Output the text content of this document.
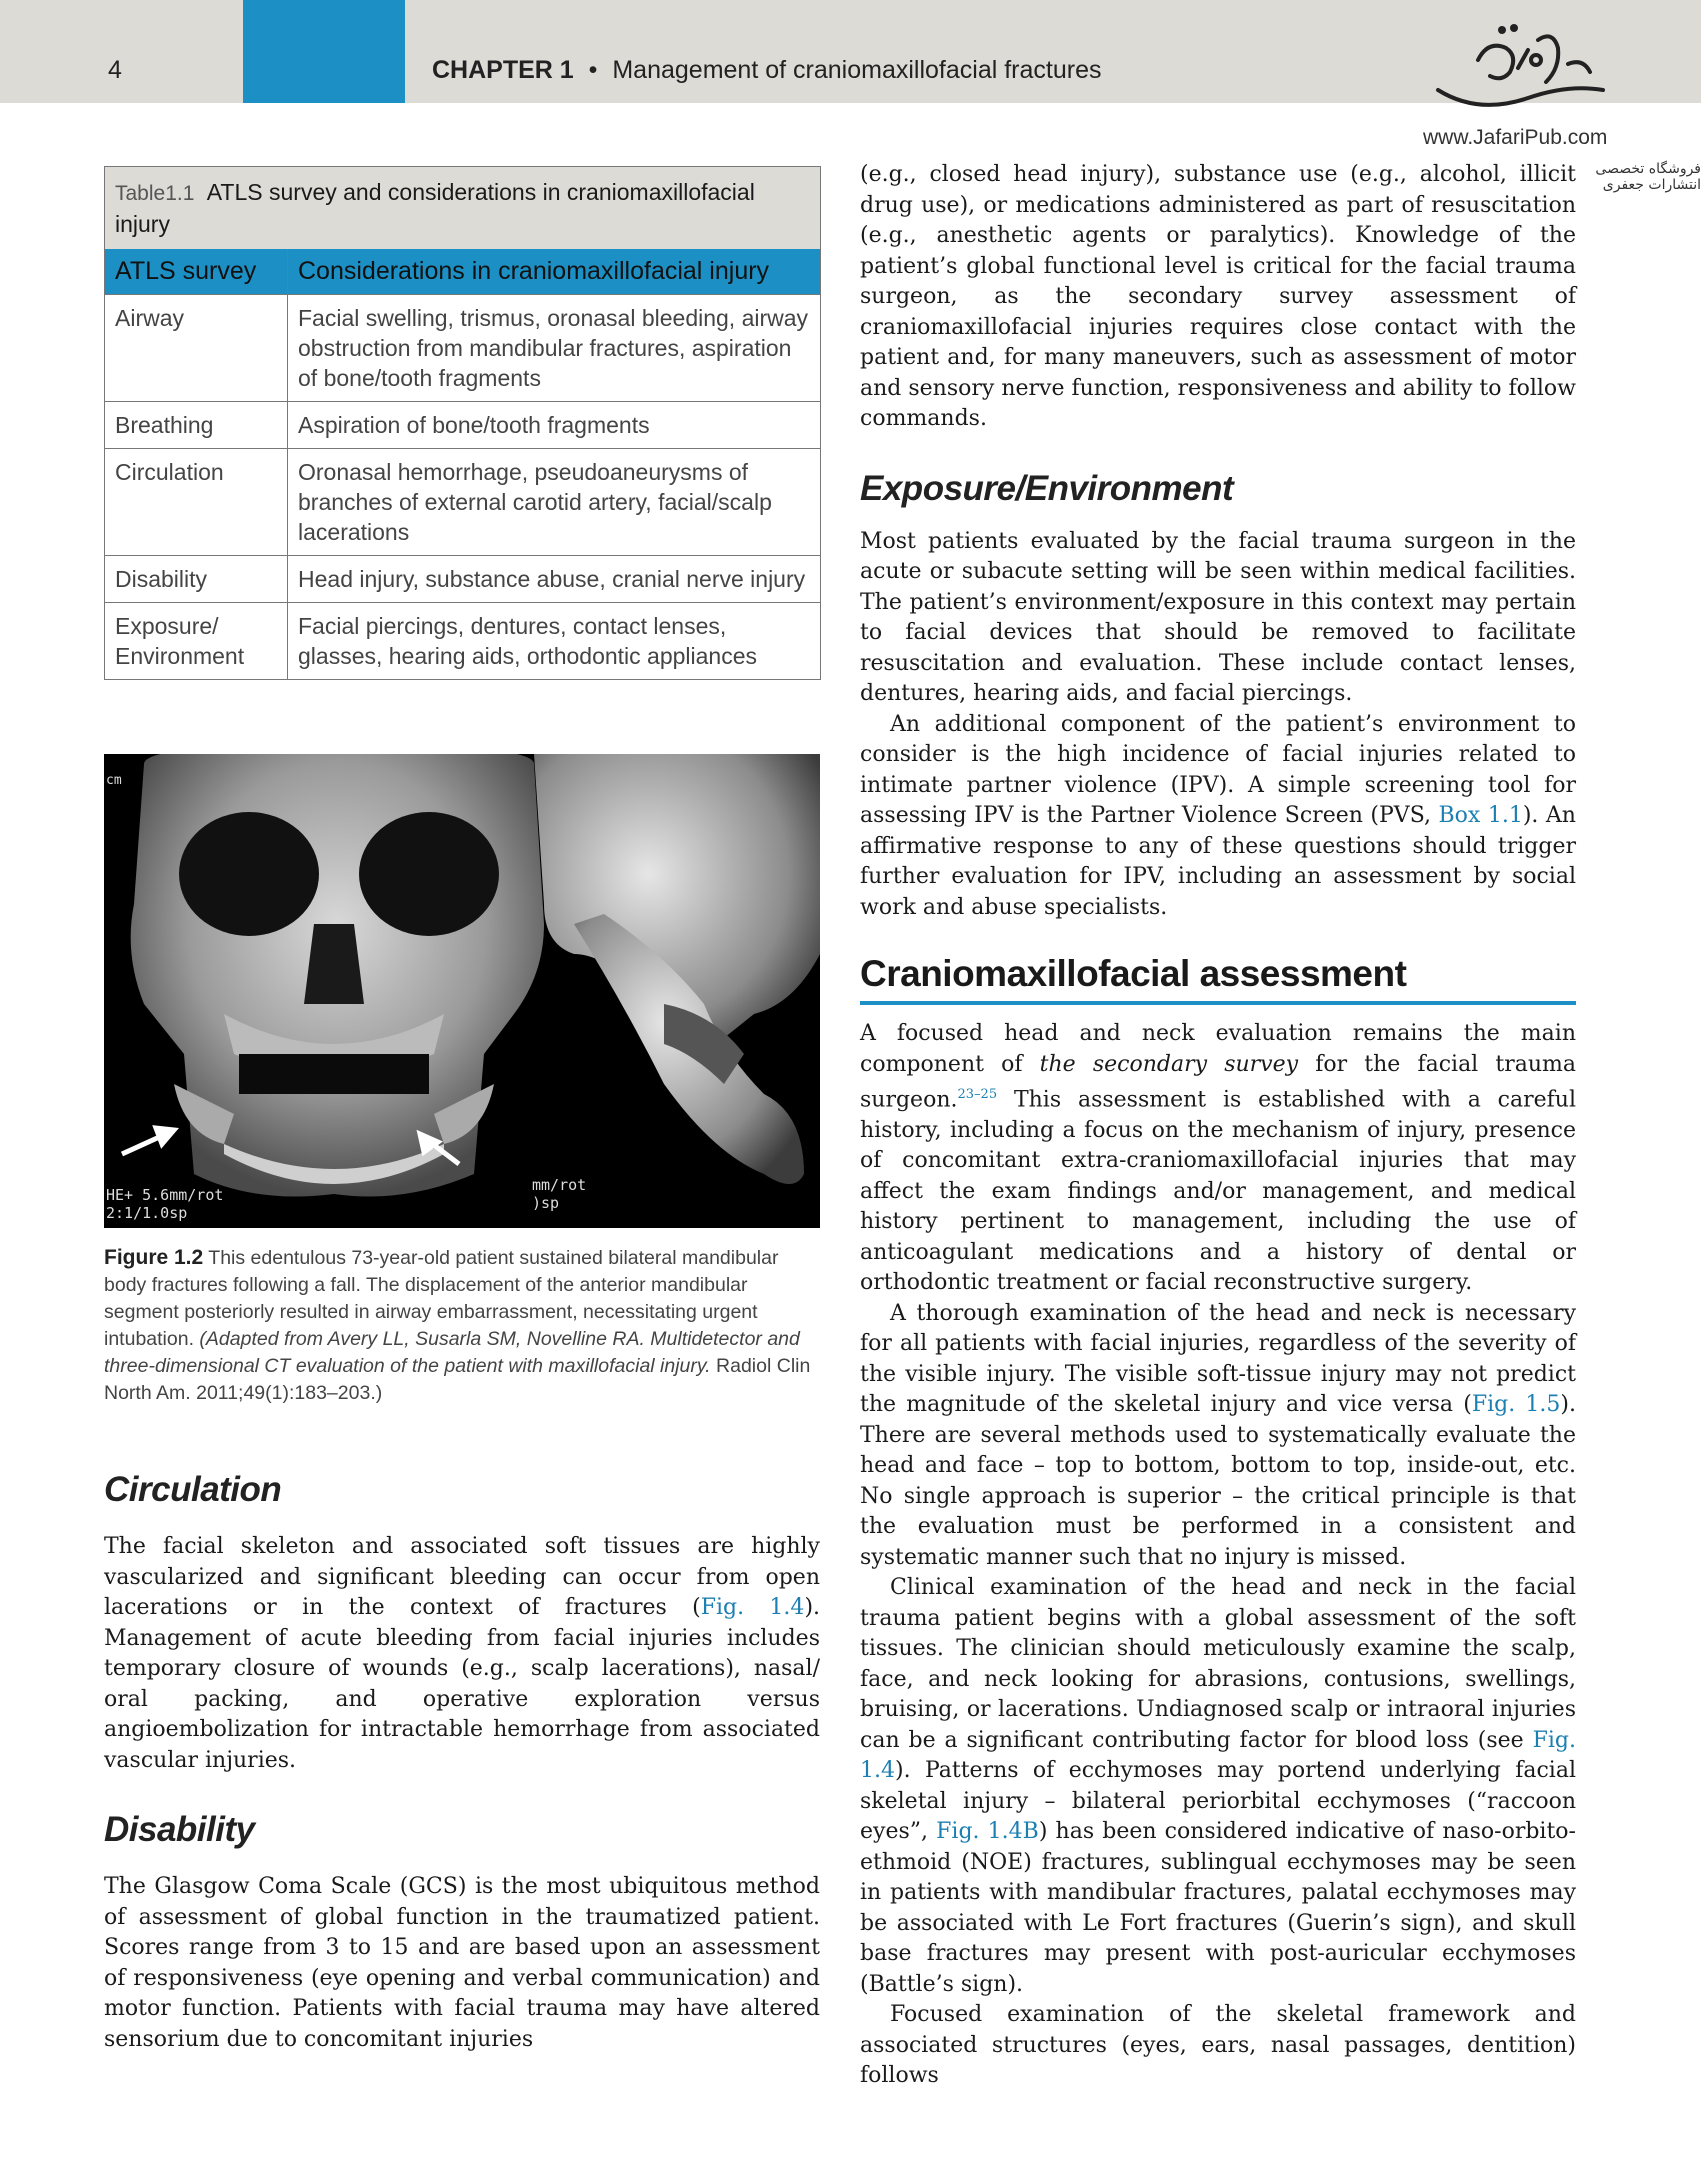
4	CHAPTER 1 • Management of craniomaxillofacial fractures
www.JafariPub.com
فروشگاه تخصصی انتشارات جعفری
Table1.1 ATLS survey and considerations in craniomaxillofacial injury
ATLS survey	Considerations in craniomaxillofacial injury
Airway	Facial swelling, trismus, oronasal bleeding, airway obstruction from mandibular fractures, aspiration of bone/tooth fragments
Breathing	Aspiration of bone/tooth fragments
Circulation	Oronasal hemorrhage, pseudoaneurysms of branches of external carotid artery, facial/scalp lacerations
Disability	Head injury, substance abuse, cranial nerve injury
Exposure/ Environment	Facial piercings, dentures, contact lenses, glasses, hearing aids, orthodontic appliances
cm
HE+ 5.6mm/rot
2:1/1.0sp
mm/rot
)sp
Figure 1.2 This edentulous 73-year-old patient sustained bilateral mandibular body fractures following a fall. The displacement of the anterior mandibular segment posteriorly resulted in airway embarrassment, necessitating urgent intubation. (Adapted from Avery LL, Susarla SM, Novelline RA. Multidetector and three-dimensional CT evaluation of the patient with maxillofacial injury. Radiol Clin North Am. 2011;49(1):183–203.)
Circulation

The facial skeleton and associated soft tissues are highly vascularized and significant bleeding can occur from open lacerations or in the context of fractures (Fig. 1.4). Management of acute bleeding from facial injuries includes temporary closure of wounds (e.g., scalp lacerations), nasal/ oral packing, and operative exploration versus angioembolization for intractable hemorrhage from associated vascular injuries.

Disability

The Glasgow Coma Scale (GCS) is the most ubiquitous method of assessment of global function in the traumatized patient. Scores range from 3 to 15 and are based upon an assessment of responsiveness (eye opening and verbal communication) and motor function. Patients with facial trauma may have altered sensorium due to concomitant injuries

(e.g., closed head injury), substance use (e.g., alcohol, illicit drug use), or medications administered as part of resuscitation (e.g., anesthetic agents or paralytics). Knowledge of the patient’s global functional level is critical for the facial trauma surgeon, as the secondary survey assessment of craniomaxillofacial injuries requires close contact with the patient and, for many maneuvers, such as assessment of motor and sensory nerve function, responsiveness and ability to follow commands.

Exposure/Environment

Most patients evaluated by the facial trauma surgeon in the acute or subacute setting will be seen within medical facilities. The patient’s environment/exposure in this context may pertain to facial devices that should be removed to facilitate resuscitation and evaluation. These include contact lenses, dentures, hearing aids, and facial piercings.

An additional component of the patient’s environment to consider is the high incidence of facial injuries related to intimate partner violence (IPV). A simple screening tool for assessing IPV is the Partner Violence Screen (PVS, Box 1.1). An affirmative response to any of these questions should trigger further evaluation for IPV, including an assessment by social work and abuse specialists.

Craniomaxillofacial assessment

A focused head and neck evaluation remains the main component of the secondary survey for the facial trauma surgeon.$^{23-25}$ This assessment is established with a careful history, including a focus on the mechanism of injury, presence of concomitant extra-craniomaxillofacial injuries that may affect the exam findings and/or management, and medical history pertinent to management, including the use of anticoagulant medications and a history of dental or orthodontic treatment or facial reconstructive surgery.

A thorough examination of the head and neck is necessary for all patients with facial injuries, regardless of the severity of the visible injury. The visible soft-tissue injury may not predict the magnitude of the skeletal injury and vice versa (Fig. 1.5). There are several methods used to systematically evaluate the head and face – top to bottom, bottom to top, inside-out, etc. No single approach is superior – the critical principle is that the evaluation must be performed in a consistent and systematic manner such that no injury is missed.

Clinical examination of the head and neck in the facial trauma patient begins with a global assessment of the soft tissues. The clinician should meticulously examine the scalp, face, and neck looking for abrasions, contusions, swellings, bruising, or lacerations. Undiagnosed scalp or intraoral injuries can be a significant contributing factor for blood loss (see Fig. 1.4). Patterns of ecchymoses may portend underlying facial skeletal injury – bilateral periorbital ecchymoses (“raccoon eyes”, Fig. 1.4B) has been considered indicative of naso-orbito-ethmoid (NOE) fractures, sublingual ecchymoses may be seen in patients with mandibular fractures, palatal ecchymoses may be associated with Le Fort fractures (Guerin’s sign), and skull base fractures may present with post-auricular ecchymoses (Battle’s sign).

Focused examination of the skeletal framework and associated structures (eyes, ears, nasal passages, dentition) follows
